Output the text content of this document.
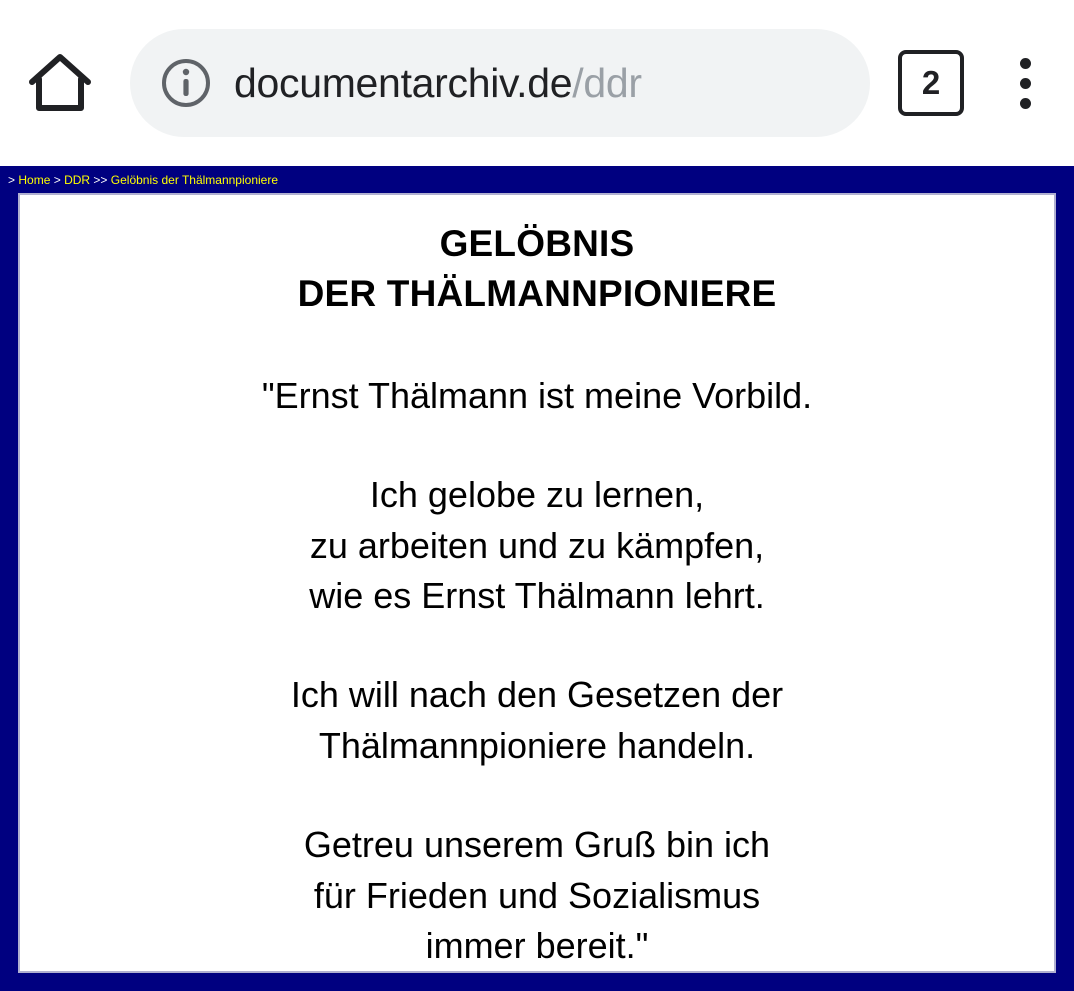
documentarchiv.de/ddr	2
> Home > DDR >> Gelöbnis der Thälmannpioniere
GELÖBNIS
DER THÄLMANNPIONIERE
"Ernst Thälmann ist meine Vorbild.
Ich gelobe zu lernen,
zu arbeiten und zu kämpfen,
wie es Ernst Thälmann lehrt.
Ich will nach den Gesetzen der
Thälmannpioniere handeln.
Getreu unserem Gruß bin ich
für Frieden und Sozialismus
immer bereit."
